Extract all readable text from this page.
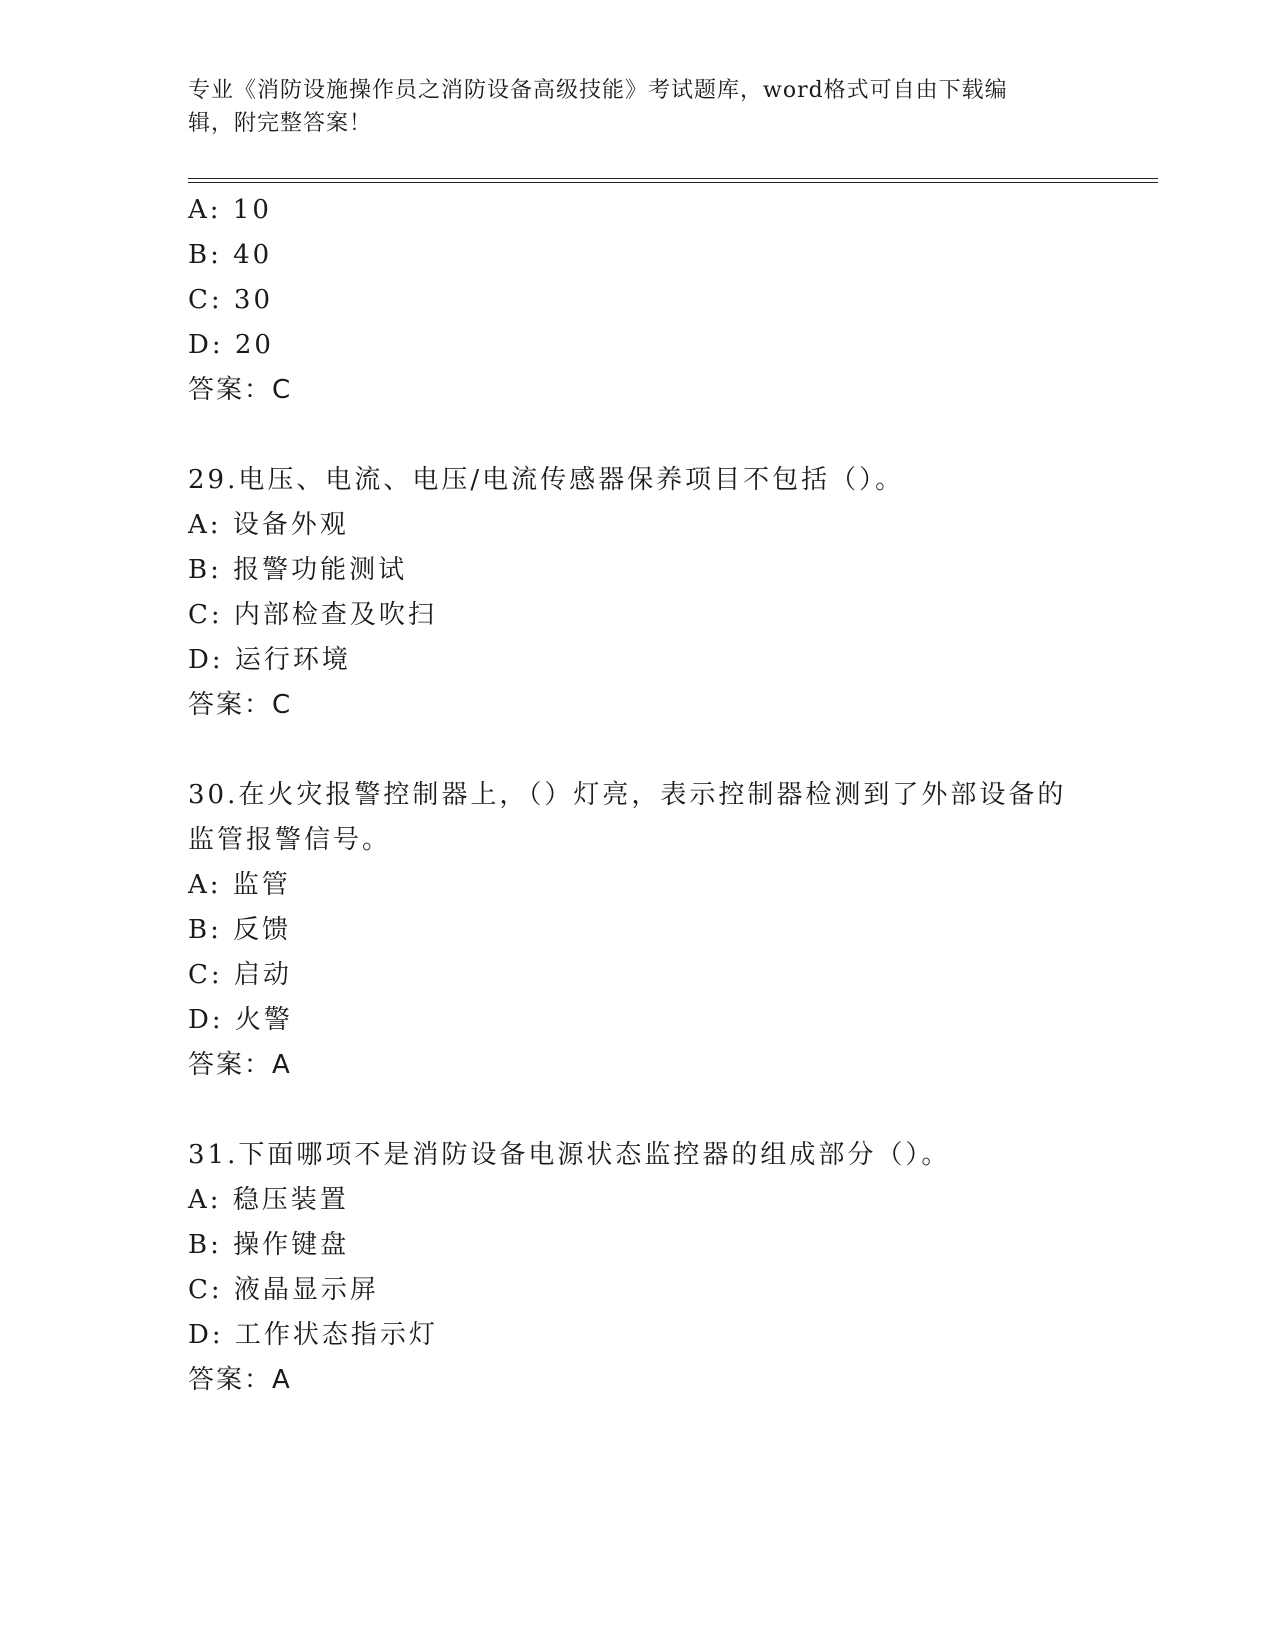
专业《消防设施操作员之消防设备高级技能》考试题库，word格式可自由下载编
辑，附完整答案！
A: 10
B: 40
C: 30
D: 20
答案：C
29.电压、电流、电压/电流传感器保养项目不包括（）。
A: 设备外观
B: 报警功能测试
C: 内部检查及吹扫
D: 运行环境
答案：C
30.在火灾报警控制器上，（）灯亮，表示控制器检测到了外部设备的
监管报警信号。
A: 监管
B: 反馈
C: 启动
D: 火警
答案：A
31.下面哪项不是消防设备电源状态监控器的组成部分（）。
A: 稳压装置
B: 操作键盘
C: 液晶显示屏
D: 工作状态指示灯
答案：A
